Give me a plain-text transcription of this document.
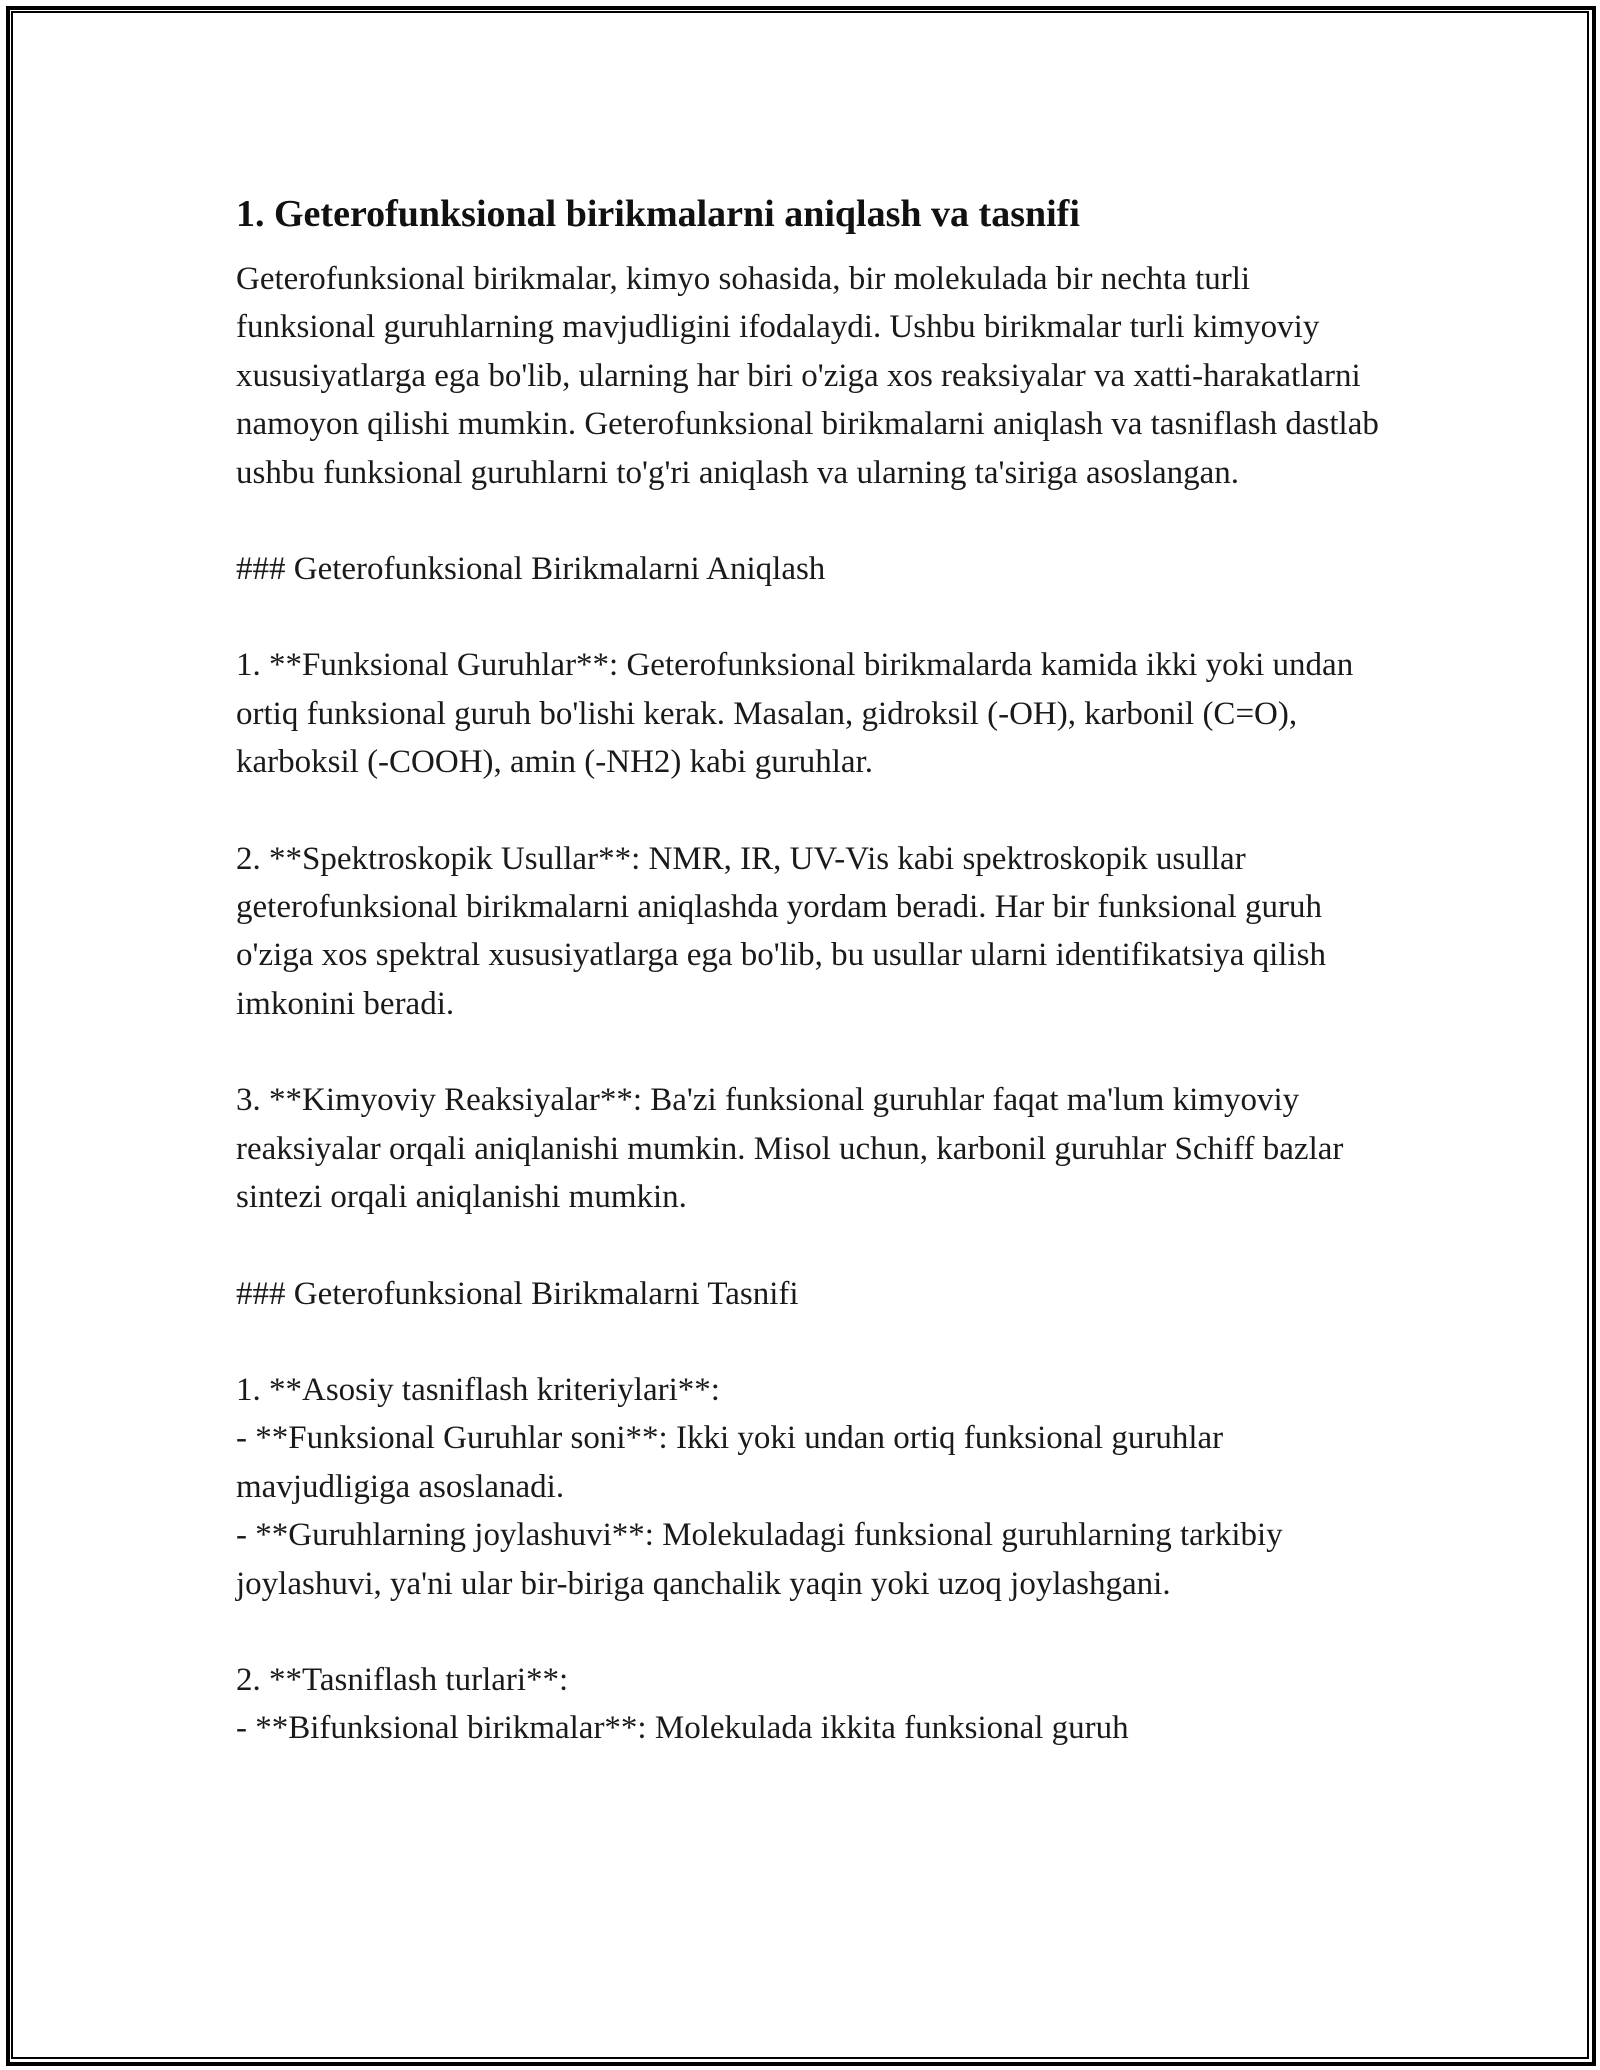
1. Geterofunksional birikmalarni aniqlash va tasnifi

Geterofunksional birikmalar, kimyo sohasida, bir molekulada bir nechta turli funksional guruhlarning mavjudligini ifodalaydi. Ushbu birikmalar turli kimyoviy xususiyatlarga ega bo'lib, ularning har biri o'ziga xos reaksiyalar va xatti-harakatlarni namoyon qilishi mumkin. Geterofunksional birikmalarni aniqlash va tasniflash dastlab ushbu funksional guruhlarni to'g'ri aniqlash va ularning ta'siriga asoslangan.

### Geterofunksional Birikmalarni Aniqlash

1. **Funksional Guruhlar**: Geterofunksional birikmalarda kamida ikki yoki undan ortiq funksional guruh bo'lishi kerak. Masalan, gidroksil (-OH), karbonil (C=O), karboksil (-COOH), amin (-NH2) kabi guruhlar.

2. **Spektroskopik Usullar**: NMR, IR, UV-Vis kabi spektroskopik usullar geterofunksional birikmalarni aniqlashda yordam beradi. Har bir funksional guruh o'ziga xos spektral xususiyatlarga ega bo'lib, bu usullar ularni identifikatsiya qilish imkonini beradi.

3. **Kimyoviy Reaksiyalar**: Ba'zi funksional guruhlar faqat ma'lum kimyoviy reaksiyalar orqali aniqlanishi mumkin. Misol uchun, karbonil guruhlar Schiff bazlar sintezi orqali aniqlanishi mumkin.

### Geterofunksional Birikmalarni Tasnifi

1. **Asosiy tasniflash kriteriylari**:
- **Funksional Guruhlar soni**: Ikki yoki undan ortiq funksional guruhlar mavjudligiga asoslanadi.
- **Guruhlarning joylashuvi**: Molekuladagi funksional guruhlarning tarkibiy joylashuvi, ya'ni ular bir-biriga qanchalik yaqin yoki uzoq joylashgani.

2. **Tasniflash turlari**:
- **Bifunksional birikmalar**: Molekulada ikkita funksional guruh
